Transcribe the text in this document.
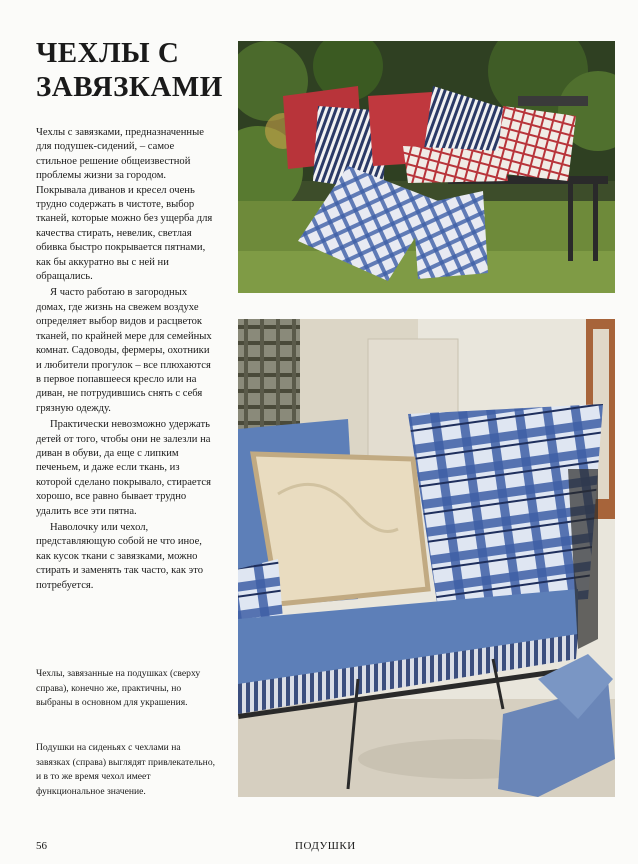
ЧЕХЛЫ С
ЗАВЯЗКАМИ

Чехлы с завязками, предназначенные для подушек-сидений, – самое стильное решение общеизвестной проблемы жизни за городом. Покрывала диванов и кресел очень трудно содержать в чистоте, выбор тканей, которые можно без ущерба для качества стирать, невелик, светлая обивка быстро покрывается пятнами, как бы аккуратно вы с ней ни обращались.

Я часто работаю в загородных домах, где жизнь на свежем воздухе определяет выбор видов и расцветок тканей, по крайней мере для семейных комнат. Садоводы, фермеры, охотники и любители прогулок – все плюхаются в первое попавшееся кресло или на диван, не потрудившись снять с себя грязную одежду.

Практически невозможно удержать детей от того, чтобы они не залезли на диван в обуви, да еще с липким печеньем, и даже если ткань, из которой сделано покрывало, стирается хорошо, все равно бывает трудно удалить все эти пятна.

Наволочку или чехол, представляющую собой не что иное, как кусок ткани с завязками, можно стирать и заменять так часто, как это потребуется.

Чехлы, завязанные на подушках (сверху справа), конечно же, практичны, но выбраны в основном для украшения.

Подушки на сиденьях с чехлами на завязках (справа) выглядят привлекательно, и в то же время чехол имеет функциональное значение.

56	ПОДУШКИ
